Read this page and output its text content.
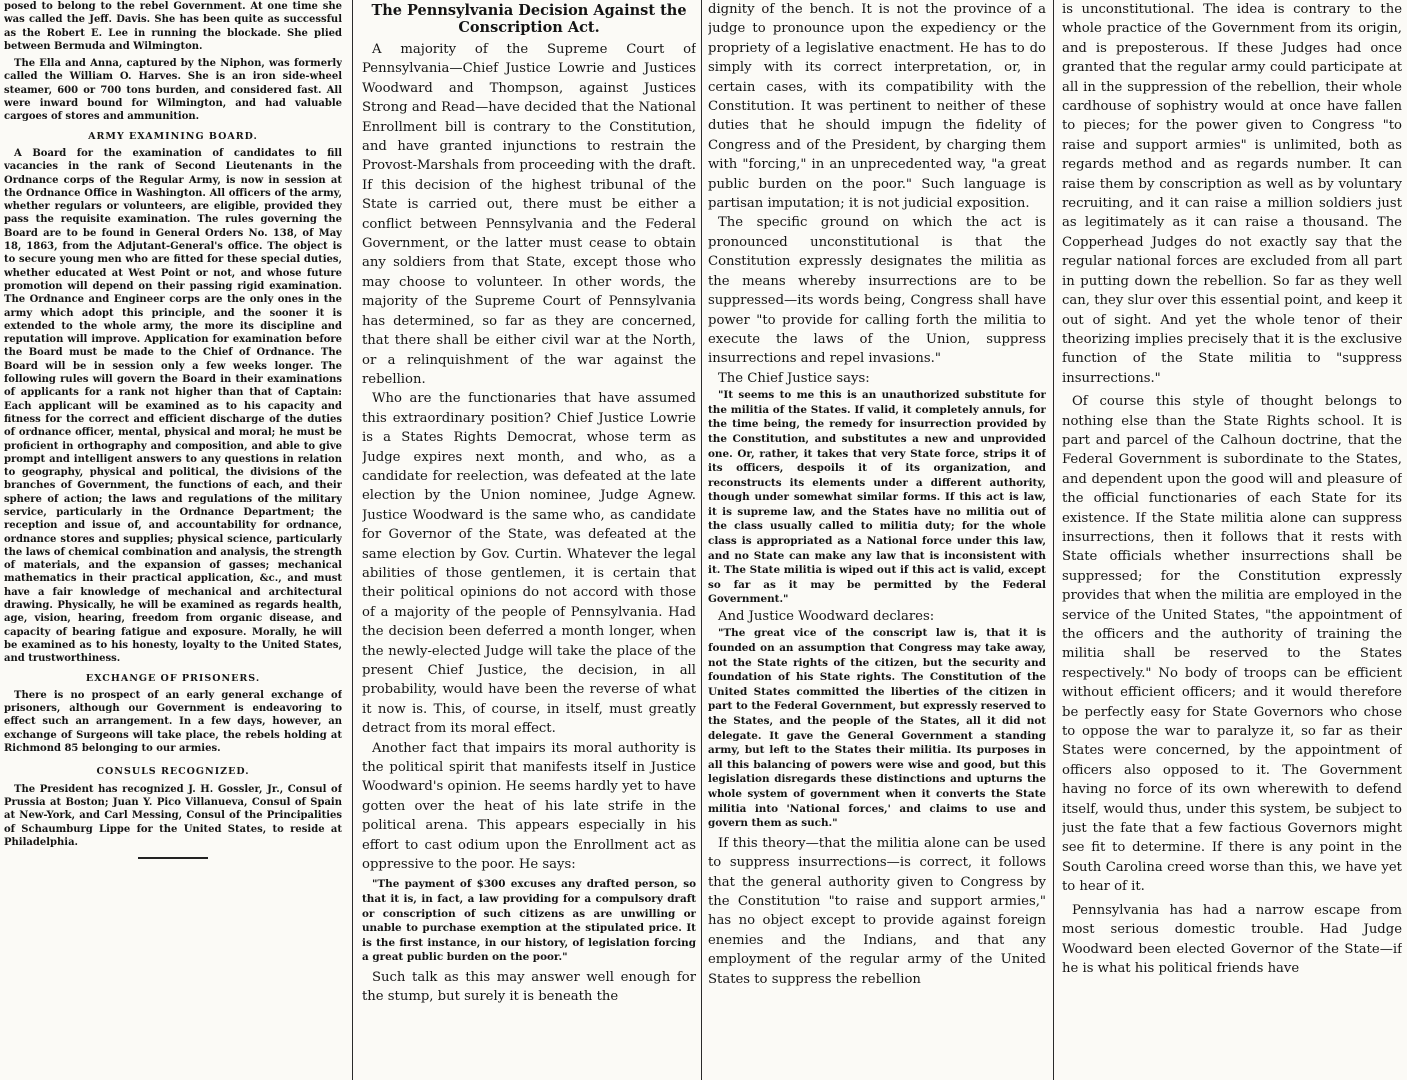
posed to belong to the rebel Government. At one time she was called the Jeff. Davis. She has been quite as successful as the Robert E. Lee in running the blockade. She plied between Bermuda and Wilmington.

The Ella and Anna, captured by the Niphon, was formerly called the William O. Harves. She is an iron side-wheel steamer, 600 or 700 tons burden, and considered fast. All were inward bound for Wilmington, and had valuable cargoes of stores and ammunition.

ARMY EXAMINING BOARD.

A Board for the examination of candidates to fill vacancies in the rank of Second Lieutenants in the Ordnance corps of the Regular Army, is now in session at the Ordnance Office in Washington. All officers of the army, whether regulars or volunteers, are eligible, provided they pass the requisite examination. The rules governing the Board are to be found in General Orders No. 138, of May 18, 1863, from the Adjutant-General's office. The object is to secure young men who are fitted for these special duties, whether educated at West Point or not, and whose future promotion will depend on their passing rigid examination. The Ordnance and Engineer corps are the only ones in the army which adopt this principle, and the sooner it is extended to the whole army, the more its discipline and reputation will improve. Application for examination before the Board must be made to the Chief of Ordnance. The Board will be in session only a few weeks longer. The following rules will govern the Board in their examinations of applicants for a rank not higher than that of Captain: Each applicant will be examined as to his capacity and fitness for the correct and efficient discharge of the duties of ordnance officer, mental, physical and moral; he must be proficient in orthography and composition, and able to give prompt and intelligent answers to any questions in relation to geography, physical and political, the divisions of the branches of Government, the functions of each, and their sphere of action; the laws and regulations of the military service, particularly in the Ordnance Department; the reception and issue of, and accountability for ordnance, ordnance stores and supplies; physical science, particularly the laws of chemical combination and analysis, the strength of materials, and the expansion of gasses; mechanical mathematics in their practical application, &c., and must have a fair knowledge of mechanical and architectural drawing. Physically, he will be examined as regards health, age, vision, hearing, freedom from organic disease, and capacity of bearing fatigue and exposure. Morally, he will be examined as to his honesty, loyalty to the United States, and trustworthiness.

EXCHANGE OF PRISONERS.

There is no prospect of an early general exchange of prisoners, although our Government is endeavoring to effect such an arrangement. In a few days, however, an exchange of Surgeons will take place, the rebels holding at Richmond 85 belonging to our armies.

CONSULS RECOGNIZED.

The President has recognized J. H. Gossler, Jr., Consul of Prussia at Boston; Juan Y. Pico Villanueva, Consul of Spain at New-York, and Carl Messing, Consul of the Principalities of Schaumburg Lippe for the United States, to reside at Philadelphia.

The Pennsylvania Decision Against the Conscription Act.

A majority of the Supreme Court of Pennsylvania—Chief Justice Lowrie and Justices Woodward and Thompson, against Justices Strong and Read—have decided that the National Enrollment bill is contrary to the Constitution, and have granted injunctions to restrain the Provost-Marshals from proceeding with the draft. If this decision of the highest tribunal of the State is carried out, there must be either a conflict between Pennsylvania and the Federal Government, or the latter must cease to obtain any soldiers from that State, except those who may choose to volunteer. In other words, the majority of the Supreme Court of Pennsylvania has determined, so far as they are concerned, that there shall be either civil war at the North, or a relinquishment of the war against the rebellion.

Who are the functionaries that have assumed this extraordinary position? Chief Justice Lowrie is a States Rights Democrat, whose term as Judge expires next month, and who, as a candidate for reelection, was defeated at the late election by the Union nominee, Judge Agnew. Justice Woodward is the same who, as candidate for Governor of the State, was defeated at the same election by Gov. Curtin. Whatever the legal abilities of those gentlemen, it is certain that their political opinions do not accord with those of a majority of the people of Pennsylvania. Had the decision been deferred a month longer, when the newly-elected Judge will take the place of the present Chief Justice, the decision, in all probability, would have been the reverse of what it now is. This, of course, in itself, must greatly detract from its moral effect.

Another fact that impairs its moral authority is the political spirit that manifests itself in Justice Woodward's opinion. He seems hardly yet to have gotten over the heat of his late strife in the political arena. This appears especially in his effort to cast odium upon the Enrollment act as oppressive to the poor. He says:

"The payment of $300 excuses any drafted person, so that it is, in fact, a law providing for a compulsory draft or conscription of such citizens as are unwilling or unable to purchase exemption at the stipulated price. It is the first instance, in our history, of legislation forcing a great public burden on the poor."

Such talk as this may answer well enough for the stump, but surely it is beneath the

dignity of the bench. It is not the province of a judge to pronounce upon the expediency or the propriety of a legislative enactment. He has to do simply with its correct interpretation, or, in certain cases, with its compatibility with the Constitution. It was pertinent to neither of these duties that he should impugn the fidelity of Congress and of the President, by charging them with "forcing," in an unprecedented way, "a great public burden on the poor." Such language is partisan imputation; it is not judicial exposition.

The specific ground on which the act is pronounced unconstitutional is that the Constitution expressly designates the militia as the means whereby insurrections are to be suppressed—its words being, Congress shall have power "to provide for calling forth the militia to execute the laws of the Union, suppress insurrections and repel invasions."

The Chief Justice says:

"It seems to me this is an unauthorized substitute for the militia of the States. If valid, it completely annuls, for the time being, the remedy for insurrection provided by the Constitution, and substitutes a new and unprovided one. Or, rather, it takes that very State force, strips it of its officers, despoils it of its organization, and reconstructs its elements under a different authority, though under somewhat similar forms. If this act is law, it is supreme law, and the States have no militia out of the class usually called to militia duty; for the whole class is appropriated as a National force under this law, and no State can make any law that is inconsistent with it. The State militia is wiped out if this act is valid, except so far as it may be permitted by the Federal Government."

And Justice Woodward declares:

"The great vice of the conscript law is, that it is founded on an assumption that Congress may take away, not the State rights of the citizen, but the security and foundation of his State rights. The Constitution of the United States committed the liberties of the citizen in part to the Federal Government, but expressly reserved to the States, and the people of the States, all it did not delegate. It gave the General Government a standing army, but left to the States their militia. Its purposes in all this balancing of powers were wise and good, but this legislation disregards these distinctions and upturns the whole system of government when it converts the State militia into 'National forces,' and claims to use and govern them as such."

If this theory—that the militia alone can be used to suppress insurrections—is correct, it follows that the general authority given to Congress by the Constitution "to raise and support armies," has no object except to provide against foreign enemies and the Indians, and that any employment of the regular army of the United States to suppress the rebellion

is unconstitutional. The idea is contrary to the whole practice of the Government from its origin, and is preposterous. If these Judges had once granted that the regular army could participate at all in the suppression of the rebellion, their whole cardhouse of sophistry would at once have fallen to pieces; for the power given to Congress "to raise and support armies" is unlimited, both as regards method and as regards number. It can raise them by conscription as well as by voluntary recruiting, and it can raise a million soldiers just as legitimately as it can raise a thousand. The Copperhead Judges do not exactly say that the regular national forces are excluded from all part in putting down the rebellion. So far as they well can, they slur over this essential point, and keep it out of sight. And yet the whole tenor of their theorizing implies precisely that it is the exclusive function of the State militia to "suppress insurrections."

Of course this style of thought belongs to nothing else than the State Rights school. It is part and parcel of the Calhoun doctrine, that the Federal Government is subordinate to the States, and dependent upon the good will and pleasure of the official functionaries of each State for its existence. If the State militia alone can suppress insurrections, then it follows that it rests with State officials whether insurrections shall be suppressed; for the Constitution expressly provides that when the militia are employed in the service of the United States, "the appointment of the officers and the authority of training the militia shall be reserved to the States respectively." No body of troops can be efficient without efficient officers; and it would therefore be perfectly easy for State Governors who chose to oppose the war to paralyze it, so far as their States were concerned, by the appointment of officers also opposed to it. The Government having no force of its own wherewith to defend itself, would thus, under this system, be subject to just the fate that a few factious Governors might see fit to determine. If there is any point in the South Carolina creed worse than this, we have yet to hear of it.

Pennsylvania has had a narrow escape from most serious domestic trouble. Had Judge Woodward been elected Governor of the State—if he is what his political friends have
